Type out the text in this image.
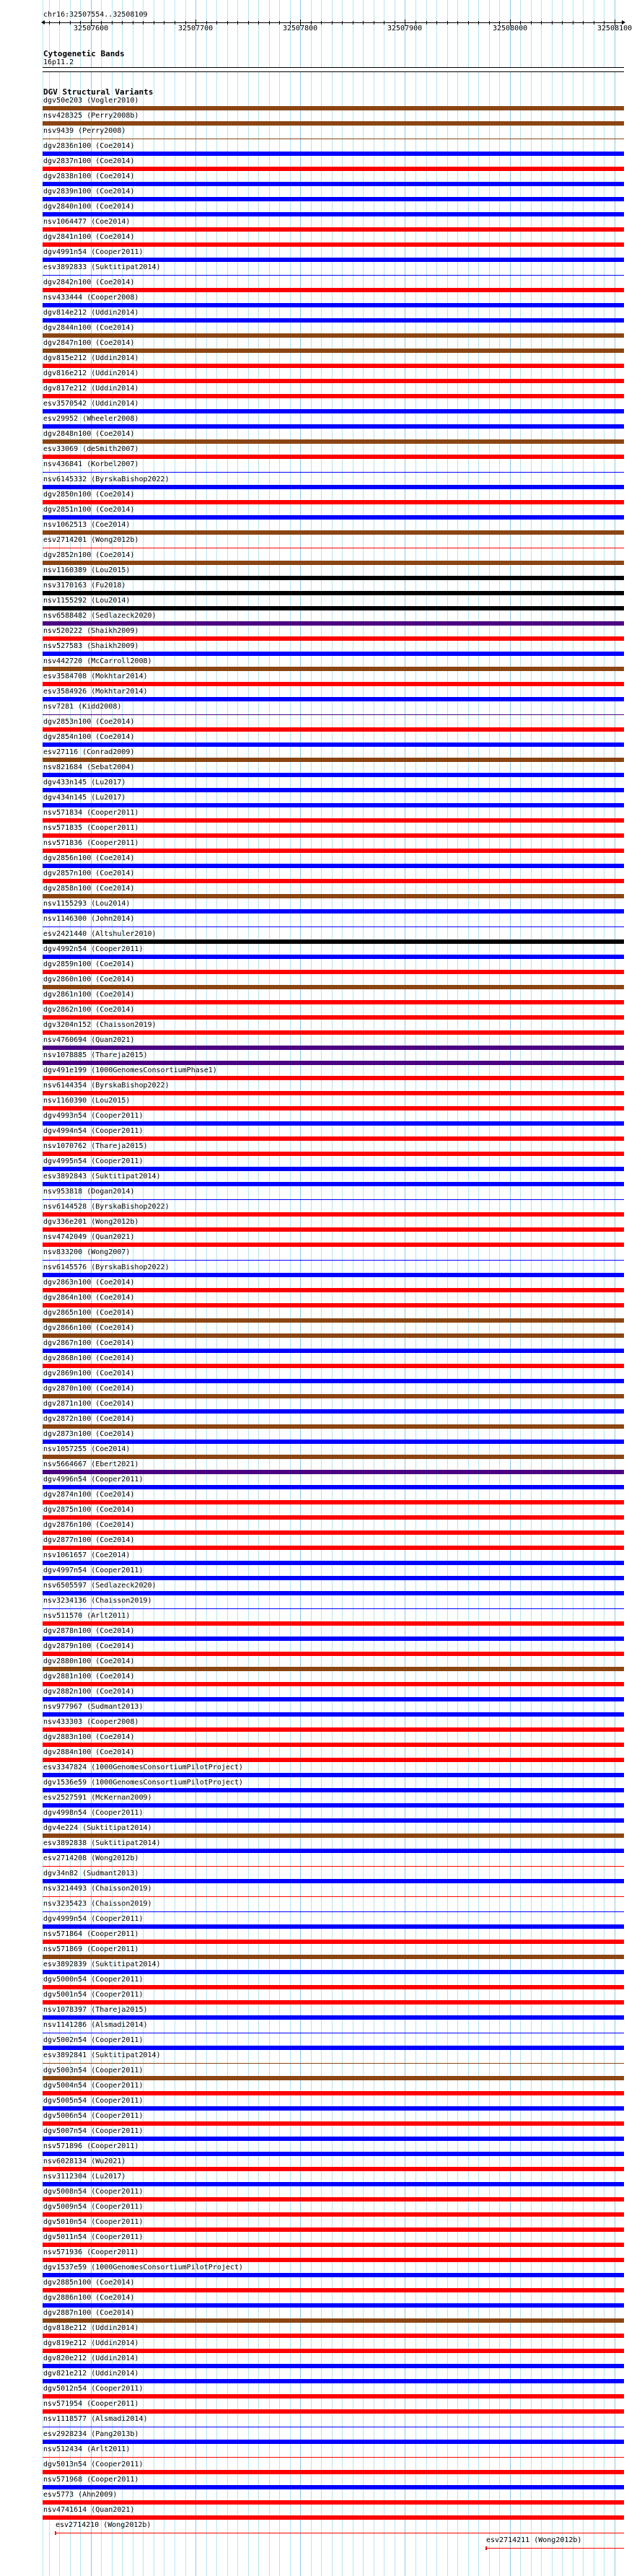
chr16:32507554..32508109
32507600	32507700	32507800	32507900	32508000	32508100
Cytogenetic Bands
16p11.2
DGV Structural Variants
dgv50e203 (Vogler2010)
nsv428325 (Perry2008b)
nsv9439 (Perry2008)
dgv2836n100 (Coe2014)
dgv2837n100 (Coe2014)
dgv2838n100 (Coe2014)
dgv2839n100 (Coe2014)
dgv2840n100 (Coe2014)
nsv1064477 (Coe2014)
dgv2841n100 (Coe2014)
dgv4991n54 (Cooper2011)
esv3892833 (Suktitipat2014)
dgv2842n100 (Coe2014)
nsv433444 (Cooper2008)
dgv814e212 (Uddin2014)
dgv2844n100 (Coe2014)
dgv2847n100 (Coe2014)
dgv815e212 (Uddin2014)
dgv816e212 (Uddin2014)
dgv817e212 (Uddin2014)
esv3570542 (Uddin2014)
esv29952 (Wheeler2008)
dgv2848n100 (Coe2014)
esv33069 (deSmith2007)
nsv436841 (Korbel2007)
nsv6145332 (ByrskaBishop2022)
dgv2850n100 (Coe2014)
dgv2851n100 (Coe2014)
nsv1062513 (Coe2014)
esv2714201 (Wong2012b)
dgv2852n100 (Coe2014)
nsv1160389 (Lou2015)
nsv3170163 (Fu2018)
nsv1155292 (Lou2014)
nsv6588482 (Sedlazeck2020)
nsv520222 (Shaikh2009)
nsv527583 (Shaikh2009)
nsv442720 (McCarroll2008)
esv3584708 (Mokhtar2014)
esv3584926 (Mokhtar2014)
nsv7281 (Kidd2008)
dgv2853n100 (Coe2014)
dgv2854n100 (Coe2014)
esv27116 (Conrad2009)
nsv821684 (Sebat2004)
dgv433n145 (Lu2017)
dgv434n145 (Lu2017)
nsv571834 (Cooper2011)
nsv571835 (Cooper2011)
nsv571836 (Cooper2011)
dgv2856n100 (Coe2014)
dgv2857n100 (Coe2014)
dgv2858n100 (Coe2014)
nsv1155293 (Lou2014)
nsv1146300 (John2014)
esv2421440 (Altshuler2010)
dgv4992n54 (Cooper2011)
dgv2859n100 (Coe2014)
dgv2860n100 (Coe2014)
dgv2861n100 (Coe2014)
dgv2862n100 (Coe2014)
dgv3204n152 (Chaisson2019)
nsv4760694 (Quan2021)
nsv1078885 (Thareja2015)
dgv491e199 (1000GenomesConsortiumPhase1)
nsv6144354 (ByrskaBishop2022)
nsv1160390 (Lou2015)
dgv4993n54 (Cooper2011)
dgv4994n54 (Cooper2011)
nsv1070762 (Thareja2015)
dgv4995n54 (Cooper2011)
esv3892843 (Suktitipat2014)
nsv953818 (Dogan2014)
nsv6144528 (ByrskaBishop2022)
dgv336e201 (Wong2012b)
nsv4742049 (Quan2021)
nsv833200 (Wong2007)
nsv6145576 (ByrskaBishop2022)
dgv2863n100 (Coe2014)
dgv2864n100 (Coe2014)
dgv2865n100 (Coe2014)
dgv2866n100 (Coe2014)
dgv2867n100 (Coe2014)
dgv2868n100 (Coe2014)
dgv2869n100 (Coe2014)
dgv2870n100 (Coe2014)
dgv2871n100 (Coe2014)
dgv2872n100 (Coe2014)
dgv2873n100 (Coe2014)
nsv1057255 (Coe2014)
nsv5664667 (Ebert2021)
dgv4996n54 (Cooper2011)
dgv2874n100 (Coe2014)
dgv2875n100 (Coe2014)
dgv2876n100 (Coe2014)
dgv2877n100 (Coe2014)
nsv1061657 (Coe2014)
dgv4997n54 (Cooper2011)
nsv6505597 (Sedlazeck2020)
nsv3234136 (Chaisson2019)
nsv511570 (Arlt2011)
dgv2878n100 (Coe2014)
dgv2879n100 (Coe2014)
dgv2880n100 (Coe2014)
dgv2881n100 (Coe2014)
dgv2882n100 (Coe2014)
nsv977967 (Sudmant2013)
nsv433303 (Cooper2008)
dgv2883n100 (Coe2014)
dgv2884n100 (Coe2014)
esv3347824 (1000GenomesConsortiumPilotProject)
dgv1536e59 (1000GenomesConsortiumPilotProject)
esv2527591 (McKernan2009)
dgv4998n54 (Cooper2011)
dgv4e224 (Suktitipat2014)
esv3892838 (Suktitipat2014)
esv2714208 (Wong2012b)
dgv34n82 (Sudmant2013)
nsv3214493 (Chaisson2019)
nsv3235423 (Chaisson2019)
dgv4999n54 (Cooper2011)
nsv571864 (Cooper2011)
nsv571869 (Cooper2011)
esv3892839 (Suktitipat2014)
dgv5000n54 (Cooper2011)
dgv5001n54 (Cooper2011)
nsv1078397 (Thareja2015)
nsv1141286 (Alsmadi2014)
dgv5002n54 (Cooper2011)
esv3892841 (Suktitipat2014)
dgv5003n54 (Cooper2011)
dgv5004n54 (Cooper2011)
dgv5005n54 (Cooper2011)
dgv5006n54 (Cooper2011)
dgv5007n54 (Cooper2011)
nsv571896 (Cooper2011)
nsv6028134 (Wu2021)
nsv3112304 (Lu2017)
dgv5008n54 (Cooper2011)
dgv5009n54 (Cooper2011)
dgv5010n54 (Cooper2011)
dgv5011n54 (Cooper2011)
nsv571936 (Cooper2011)
dgv1537e59 (1000GenomesConsortiumPilotProject)
dgv2885n100 (Coe2014)
dgv2886n100 (Coe2014)
dgv2887n100 (Coe2014)
dgv818e212 (Uddin2014)
dgv819e212 (Uddin2014)
dgv820e212 (Uddin2014)
dgv821e212 (Uddin2014)
dgv5012n54 (Cooper2011)
nsv571954 (Cooper2011)
nsv1118577 (Alsmadi2014)
esv2928234 (Pang2013b)
nsv512434 (Arlt2011)
dgv5013n54 (Cooper2011)
nsv571968 (Cooper2011)
esv5773 (Ahn2009)
nsv4741614 (Quan2021)
esv2714210 (Wong2012b)
esv2714211 (Wong2012b)
